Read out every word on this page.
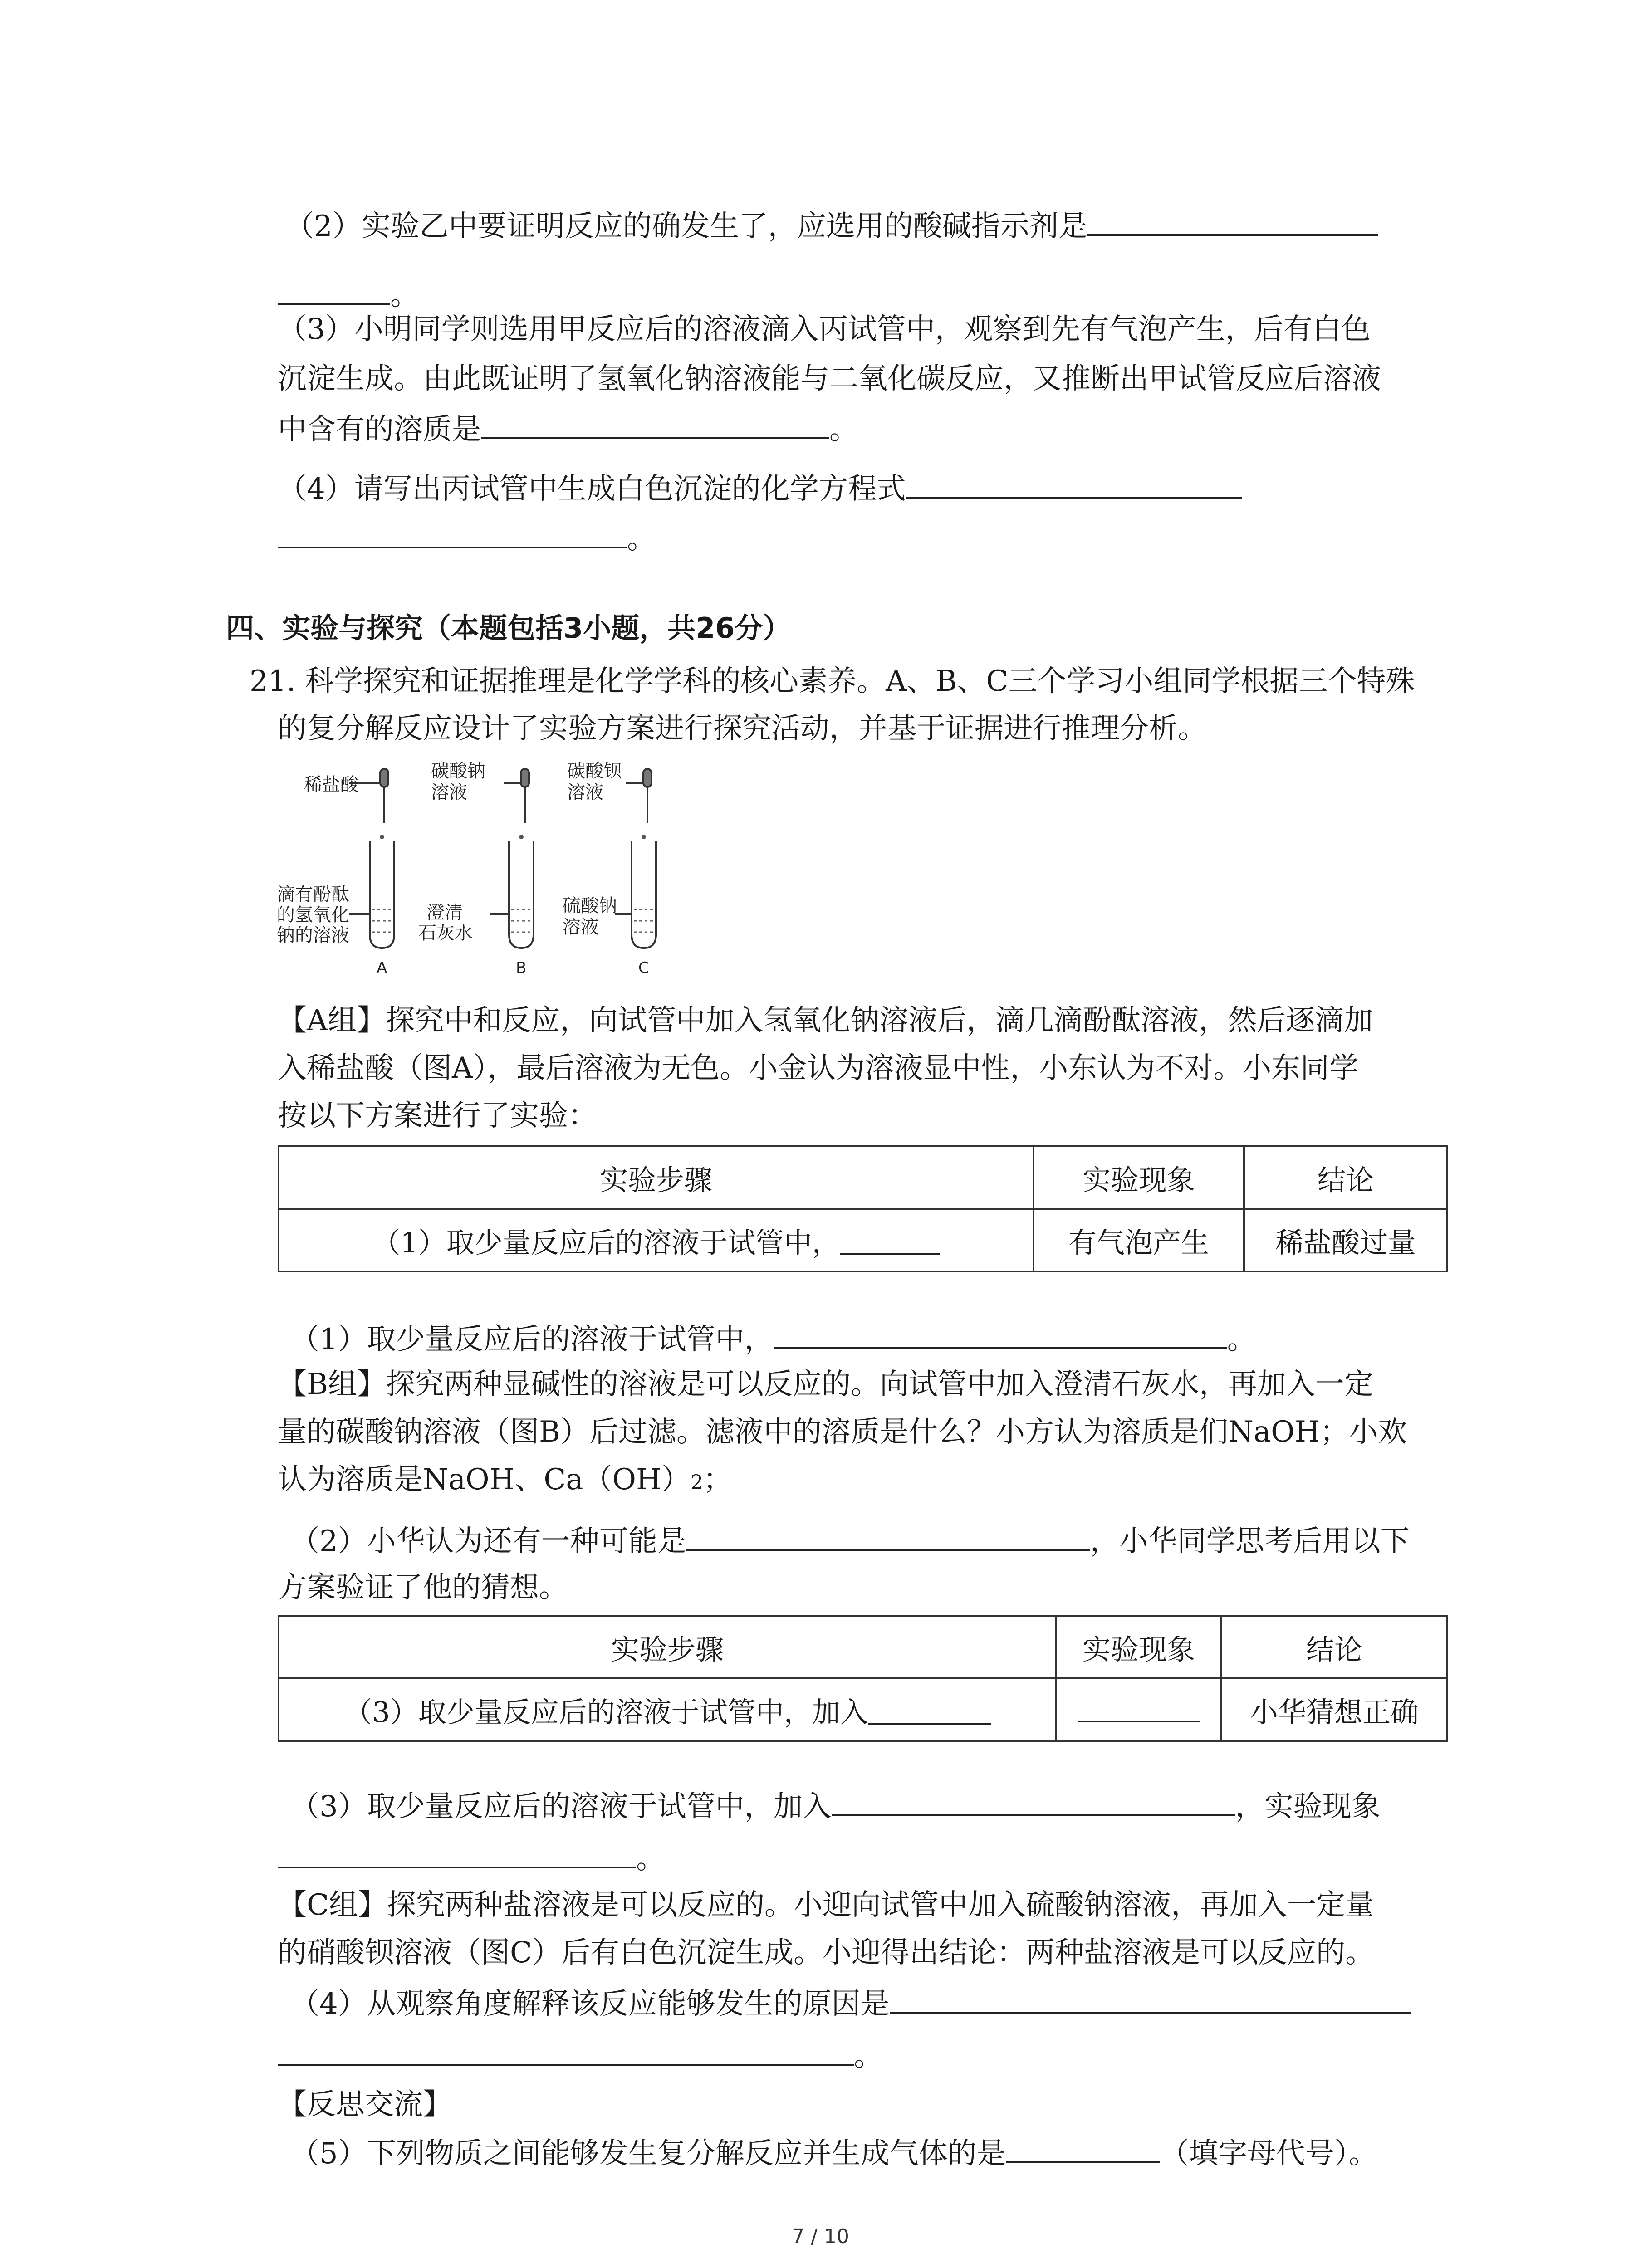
（2）实验乙中要证明反应的确发生了，应选用的酸碱指示剂是
。
（3）小明同学则选用甲反应后的溶液滴入丙试管中，观察到先有气泡产生，后有白色
沉淀生成。由此既证明了氢氧化钠溶液能与二氧化碳反应，又推断出甲试管反应后溶液
中含有的溶质是	。
（4）请写出丙试管中生成白色沉淀的化学方程式
。
四、实验与探究（本题包括3小题，共26分）
21. 科学探究和证据推理是化学学科的核心素养。A、B、C三个学习小组同学根据三个特殊
的复分解反应设计了实验方案进行探究活动，并基于证据进行推理分析。
稀盐酸
碳酸钠
溶液
碳酸钡
溶液
滴有酚酞
的氢氧化
钠的溶液
澄清
石灰水
硫酸钠
溶液
A	B	C
【A组】探究中和反应，向试管中加入氢氧化钠溶液后，滴几滴酚酞溶液，然后逐滴加
入稀盐酸（图A），最后溶液为无色。小金认为溶液显中性，小东认为不对。小东同学
按以下方案进行了实验：
实验步骤	实验现象	结论
（1）取少量反应后的溶液于试管中，	有气泡产生	稀盐酸过量
（1）取少量反应后的溶液于试管中，	。
【B组】探究两种显碱性的溶液是可以反应的。向试管中加入澄清石灰水，再加入一定
量的碳酸钠溶液（图B）后过滤。滤液中的溶质是什么？小方认为溶质是们NaOH；小欢
认为溶质是NaOH、Ca（OH）2；
（2）小华认为还有一种可能是	，小华同学思考后用以下
方案验证了他的猜想。
实验步骤	实验现象	结论
（3）取少量反应后的溶液于试管中，加入		小华猜想正确
（3）取少量反应后的溶液于试管中，加入	，实验现象
。
【C组】探究两种盐溶液是可以反应的。小迎向试管中加入硫酸钠溶液，再加入一定量
的硝酸钡溶液（图C）后有白色沉淀生成。小迎得出结论：两种盐溶液是可以反应的。
（4）从观察角度解释该反应能够发生的原因是
。
【反思交流】
（5）下列物质之间能够发生复分解反应并生成气体的是	（填字母代号）。
7 / 10
